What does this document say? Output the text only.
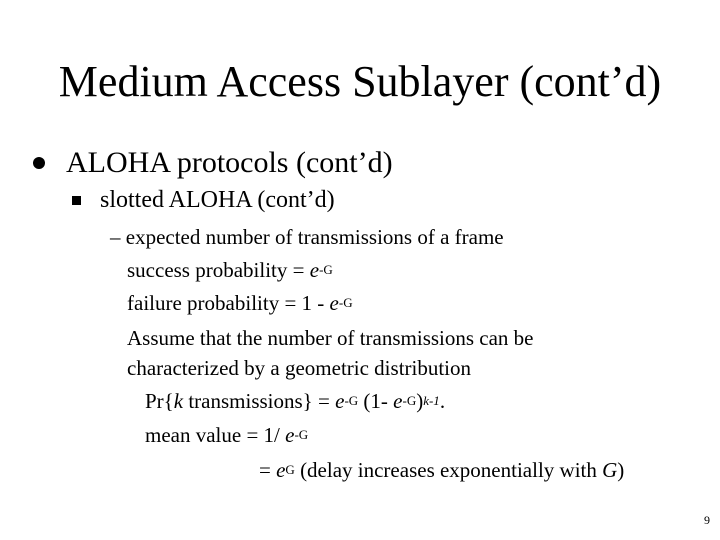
Medium Access Sublayer (cont’d)
ALOHA protocols (cont’d)
slotted ALOHA (cont’d)
– expected number of transmissions of a frame
success probability = $e^{-G}$
failure probability = $1 - e^{-G}$
Assume that the number of transmissions can be
characterized by a geometric distribution
Pr{k transmissions} = $e^{-G}$ (1- $e^{-G})^{k-1}$.
mean value = 1/ $e^{-G}$
= $e^G$ (delay increases exponentially with G)
9
